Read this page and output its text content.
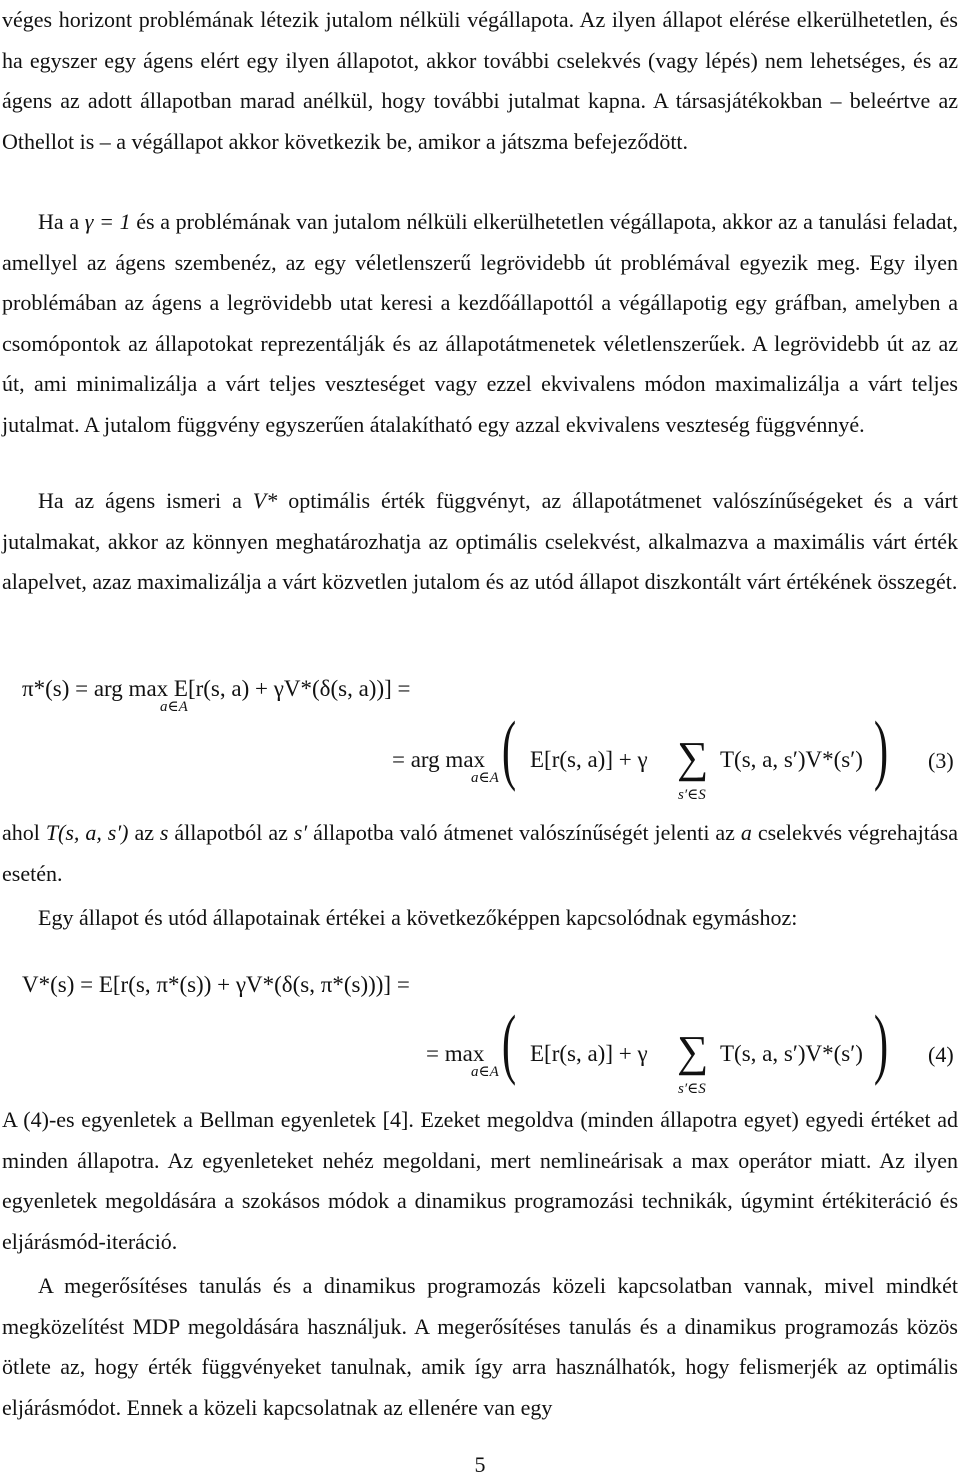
véges horizont problémának létezik jutalom nélküli végállapota. Az ilyen állapot elérése elkerülhetetlen, és ha egyszer egy ágens elért egy ilyen állapotot, akkor további cselekvés (vagy lépés) nem lehetséges, és az ágens az adott állapotban marad anélkül, hogy további jutalmat kapna. A társasjátékokban – beleértve az Othellot is – a végállapot akkor következik be, amikor a játszma befejeződött.

Ha a γ = 1 és a problémának van jutalom nélküli elkerülhetetlen végállapota, akkor az a tanulási feladat, amellyel az ágens szembenéz, az egy véletlenszerű legrövidebb út problémával egyezik meg. Egy ilyen problémában az ágens a legrövidebb utat keresi a kezdőállapottól a végállapotig egy gráfban, amelyben a csomópontok az állapotokat reprezentálják és az állapotátmenetek véletlenszerűek. A legrövidebb út az az út, ami minimalizálja a várt teljes veszteséget vagy ezzel ekvivalens módon maximalizálja a várt teljes jutalmat. A jutalom függvény egyszerűen átalakítható egy azzal ekvivalens veszteség függvénnyé.

Ha az ágens ismeri a V* optimális érték függvényt, az állapotátmenet valószínűségeket és a várt jutalmakat, akkor az könnyen meghatározhatja az optimális cselekvést, alkalmazva a maximális várt érték alapelvet, azaz maximalizálja a várt közvetlen jutalom és az utód állapot diszkontált várt értékének összegét.

π*(s) = arg max E[r(s, a) + γV*(δ(s, a))] =
a∈A
= arg max
a∈A ( E[r(s, a)] + γ ∑
s′∈S
T(s, a, s′)V*(s′) ) (3)

ahol T(s, a, s′) az s állapotból az s′ állapotba való átmenet valószínűségét jelenti az a cselekvés végrehajtása esetén.

Egy állapot és utód állapotainak értékei a következőképpen kapcsolódnak egymáshoz:

V*(s) = E[r(s, π*(s)) + γV*(δ(s, π*(s)))] =
= max
a∈A ( E[r(s, a)] + γ ∑
s′∈S
T(s, a, s′)V*(s′) ) (4)

A (4)-es egyenletek a Bellman egyenletek [4]. Ezeket megoldva (minden állapotra egyet) egyedi értéket ad minden állapotra. Az egyenleteket nehéz megoldani, mert nemlineárisak a max operátor miatt. Az ilyen egyenletek megoldására a szokásos módok a dinamikus programozási technikák, úgymint értékiteráció és eljárásmód-iteráció.

A megerősítéses tanulás és a dinamikus programozás közeli kapcsolatban vannak, mivel mindkét megközelítést MDP megoldására használjuk. A megerősítéses tanulás és a dinamikus programozás közös ötlete az, hogy érték függvényeket tanulnak, amik így arra használhatók, hogy felismerjék az optimális eljárásmódot. Ennek a közeli kapcsolatnak az ellenére van egy

5
